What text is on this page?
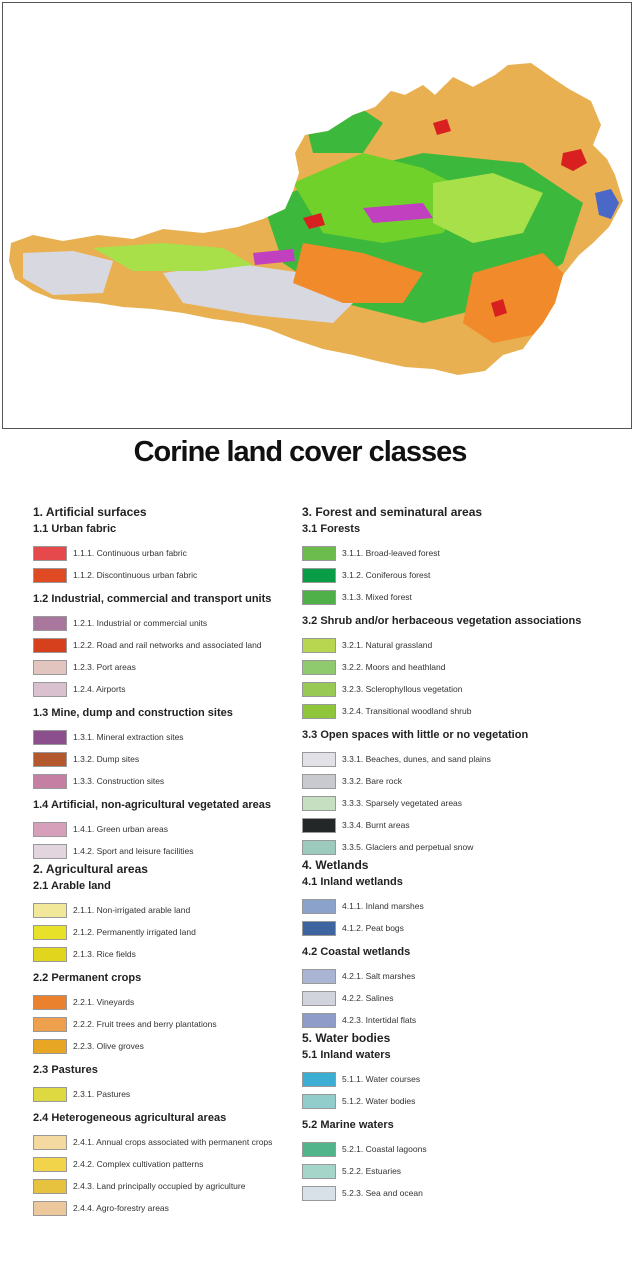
Corine land cover classes
1. Artificial surfaces
1.1 Urban fabric
1.1.1. Continuous urban fabric
1.1.2. Discontinuous urban fabric
1.2 Industrial, commercial and transport units
1.2.1. Industrial or commercial units
1.2.2. Road and rail networks and associated land
1.2.3. Port areas
1.2.4. Airports
1.3 Mine, dump and construction sites
1.3.1. Mineral extraction sites
1.3.2. Dump sites
1.3.3. Construction sites
1.4 Artificial, non-agricultural vegetated areas
1.4.1. Green urban areas
1.4.2. Sport and leisure facilities
2. Agricultural areas
2.1 Arable land
2.1.1. Non-irrigated arable land
2.1.2. Permanently irrigated land
2.1.3. Rice fields
2.2 Permanent crops
2.2.1. Vineyards
2.2.2. Fruit trees and berry plantations
2.2.3. Olive groves
2.3 Pastures
2.3.1. Pastures
2.4 Heterogeneous agricultural areas
2.4.1. Annual crops associated with permanent crops
2.4.2. Complex cultivation patterns
2.4.3. Land principally occupied by agriculture
2.4.4. Agro-forestry areas
3. Forest and seminatural areas
3.1 Forests
3.1.1. Broad-leaved forest
3.1.2. Coniferous forest
3.1.3. Mixed forest
3.2 Shrub and/or herbaceous vegetation associations
3.2.1. Natural grassland
3.2.2. Moors and heathland
3.2.3. Sclerophyllous vegetation
3.2.4. Transitional woodland shrub
3.3 Open spaces with little or no vegetation
3.3.1. Beaches, dunes, and sand plains
3.3.2. Bare rock
3.3.3. Sparsely vegetated areas
3.3.4. Burnt areas
3.3.5. Glaciers and perpetual snow
4. Wetlands
4.1 Inland wetlands
4.1.1. Inland marshes
4.1.2. Peat bogs
4.2 Coastal wetlands
4.2.1. Salt marshes
4.2.2. Salines
4.2.3. Intertidal flats
5. Water bodies
5.1 Inland waters
5.1.1. Water courses
5.1.2. Water bodies
5.2 Marine waters
5.2.1. Coastal lagoons
5.2.2. Estuaries
5.2.3. Sea and ocean
